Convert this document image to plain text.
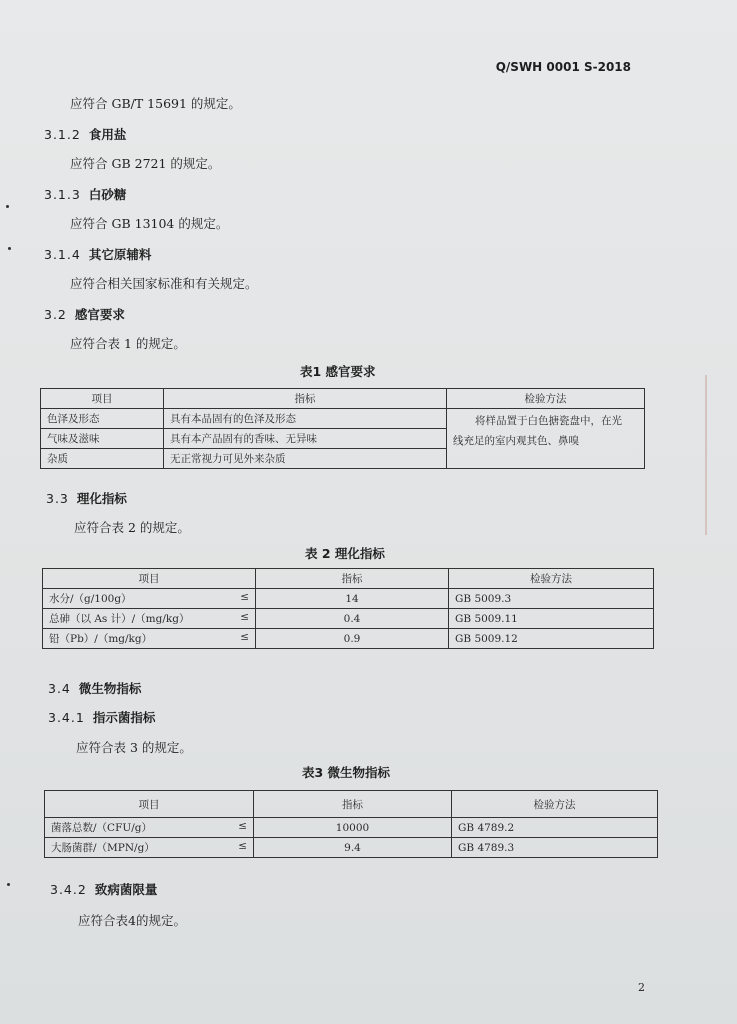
Q/SWH 0001 S-2018
应符合 GB/T 15691 的规定。
3.1.2 食用盐
应符合 GB 2721 的规定。
3.1.3 白砂糖
应符合 GB 13104 的规定。
3.1.4 其它原辅料
应符合相关国家标准和有关规定。
3.2 感官要求
应符合表 1 的规定。
表1 感官要求
项目	指标	检验方法
色泽及形态	具有本品固有的色泽及形态	将样品置于白色搪瓷盘中，在光
线充足的室内观其色、鼻嗅

气味及滋味	具有本产品固有的香味、无异味	
杂质	无正常视力可见外来杂质	
3.3 理化指标
应符合表 2 的规定。
表 2 理化指标
项目	指标	检验方法
水分/（g/100g） ≤	14	GB 5009.3
总砷（以 As 计）/（mg/kg） ≤	0.4	GB 5009.11
铅（Pb）/（mg/kg） ≤	0.9	GB 5009.12
3.4 微生物指标
3.4.1 指示菌指标
应符合表 3 的规定。
表3 微生物指标
项目	指标	检验方法
菌落总数/（CFU/g） ≤	10000	GB 4789.2
大肠菌群/（MPN/g） ≤	9.4	GB 4789.3
3.4.2 致病菌限量
应符合表4的规定。
2
